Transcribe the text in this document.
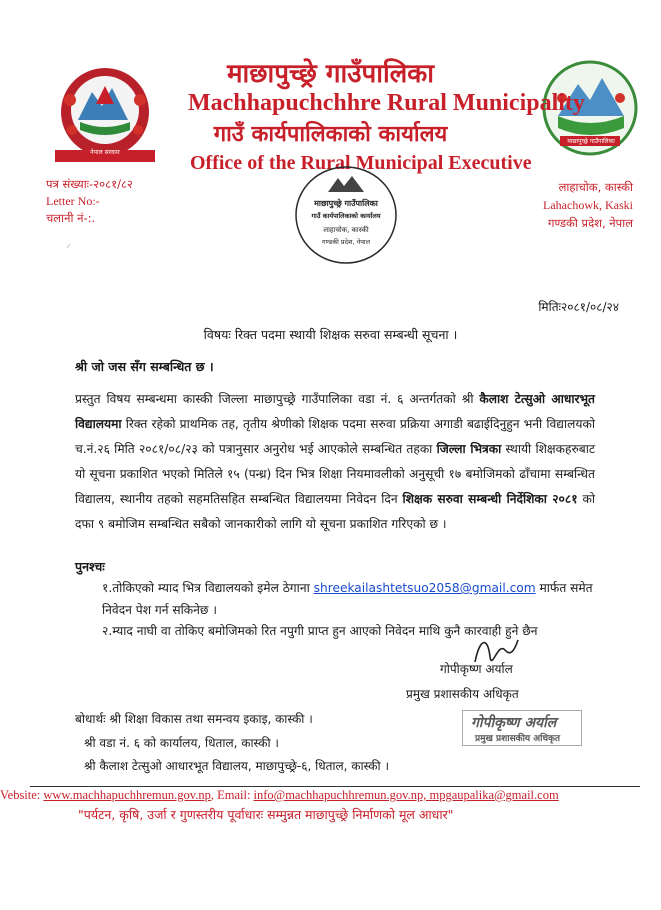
नेपाल सरकार
माछापुच्छ्रे गाउँपालिका
माछापुच्छ्रे गाउँपालिका
Machhapuchchhre Rural Municipality
गाउँ कार्यपालिकाको कार्यालय
Office of the Rural Municipal Executive
पत्र संख्याः-२०८१/८२
Letter No:-
चलानी नं-:.
लाहाचोक, कास्की
Lahachowk, Kaski
गण्डकी प्रदेश, नेपाल
माछापुच्छ्रे गाउँपालिका
गाउँ कार्यपालिकाको कार्यालय
लाहाचोक, कास्की
गण्डकी प्रदेश, नेपाल
⸝
मितिः२०८१/०८/२४
विषयः रिक्त पदमा स्थायी शिक्षक सरुवा सम्बन्धी सूचना ।
श्री जो जस सँग सम्बन्धित छ ।
प्रस्तुत विषय सम्बन्धमा कास्की जिल्ला माछापुच्छ्रे गाउँपालिका वडा नं. ६ अन्तर्गतको श्री कैलाश टेत्सुओ आधारभूत विद्यालयमा रिक्त रहेको प्राथमिक तह, तृतीय श्रेणीको शिक्षक पदमा सरुवा प्रक्रिया अगाडी बढाईदिनुहुन भनी विद्यालयको च.नं.२६ मिति २०८१/०८/२३ को पत्रानुसार अनुरोध भई आएकोले सम्बन्धित तहका जिल्ला भित्रका स्थायी शिक्षकहरुबाट यो सूचना प्रकाशित भएको मितिले १५ (पन्ध्र) दिन भित्र शिक्षा नियमावलीको अनुसूची १७ बमोजिमको ढाँचामा सम्बन्धित विद्यालय, स्थानीय तहको सहमतिसहित सम्बन्धित विद्यालयमा निवेदन दिन शिक्षक सरुवा सम्बन्धी निर्देशिका २०८१ को दफा ९ बमोजिम सम्बन्धित सबैको जानकारीको लागि यो सूचना प्रकाशित गरिएको छ ।
पुनश्चः
१.तोकिएको म्याद भित्र विद्यालयको इमेल ठेगाना shreekailashtetsuo2058@gmail.com मार्फत समेत निवेदन पेश गर्न सकिनेछ ।
२.म्याद नाघी वा तोकिए बमोजिमको रित नपुगी प्राप्त हुन आएको निवेदन माथि कुनै कारवाही हुने छैन
गोपीकृष्ण अर्याल
प्रमुख प्रशासकीय अधिकृत
गोपीकृष्ण अर्याल
प्रमुख प्रशासकीय अधिकृत
बोधार्थः श्री शिक्षा विकास तथा समन्वय इकाइ, कास्की ।
श्री वडा नं. ६ को कार्यालय, धिताल, कास्की ।
श्री कैलाश टेत्सुओ आधारभूत विद्यालय, माछापुच्छ्रे-६, धिताल, कास्की ।
Vebsite: www.machhapuchhremun.gov.np, Email: info@machhapuchhremun.gov.np, mpgaupalika@gmail.com
"पर्यटन, कृषि, उर्जा र गुणस्तरीय पूर्वाधारः सम्मुन्नत माछापुच्छ्रे निर्माणको मूल आधार"
